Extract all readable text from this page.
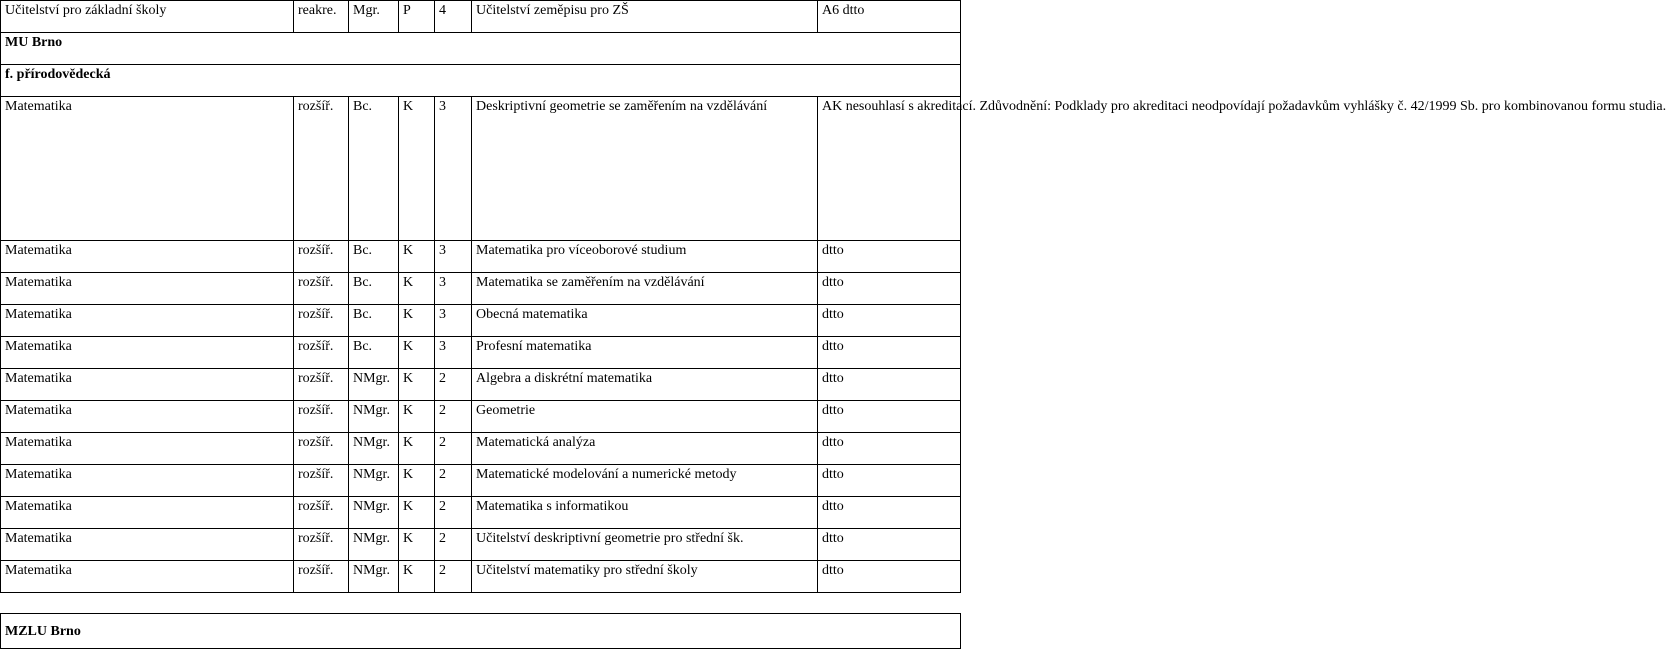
Učitelství pro základní školy	reakre.	Mgr.	P	4	Učitelství zeměpisu pro ZŠ	A6 dtto
MU Brno						
f. přírodovědecká						
Matematika	rozšíř.	Bc.	K	3	Deskriptivní geometrie se zaměřením na vzdělávání	AK nesouhlasí s akreditací. Zdůvodnění: Podklady pro akreditaci neodpovídají požadavkům vyhlášky č. 42/1999 Sb. pro kombinovanou formu studia.
Matematika	rozšíř.	Bc.	K	3	Matematika pro víceoborové studium	dtto
Matematika	rozšíř.	Bc.	K	3	Matematika se zaměřením na vzdělávání	dtto
Matematika	rozšíř.	Bc.	K	3	Obecná matematika	dtto
Matematika	rozšíř.	Bc.	K	3	Profesní matematika	dtto
Matematika	rozšíř.	NMgr.	K	2	Algebra a diskrétní matematika	dtto
Matematika	rozšíř.	NMgr.	K	2	Geometrie	dtto
Matematika	rozšíř.	NMgr.	K	2	Matematická analýza	dtto
Matematika	rozšíř.	NMgr.	K	2	Matematické modelování a numerické metody	dtto
Matematika	rozšíř.	NMgr.	K	2	Matematika s informatikou	dtto
Matematika	rozšíř.	NMgr.	K	2	Učitelství deskriptivní geometrie pro střední šk.	dtto
Matematika	rozšíř.	NMgr.	K	2	Učitelství matematiky pro střední školy	dtto

MZLU Brno						
